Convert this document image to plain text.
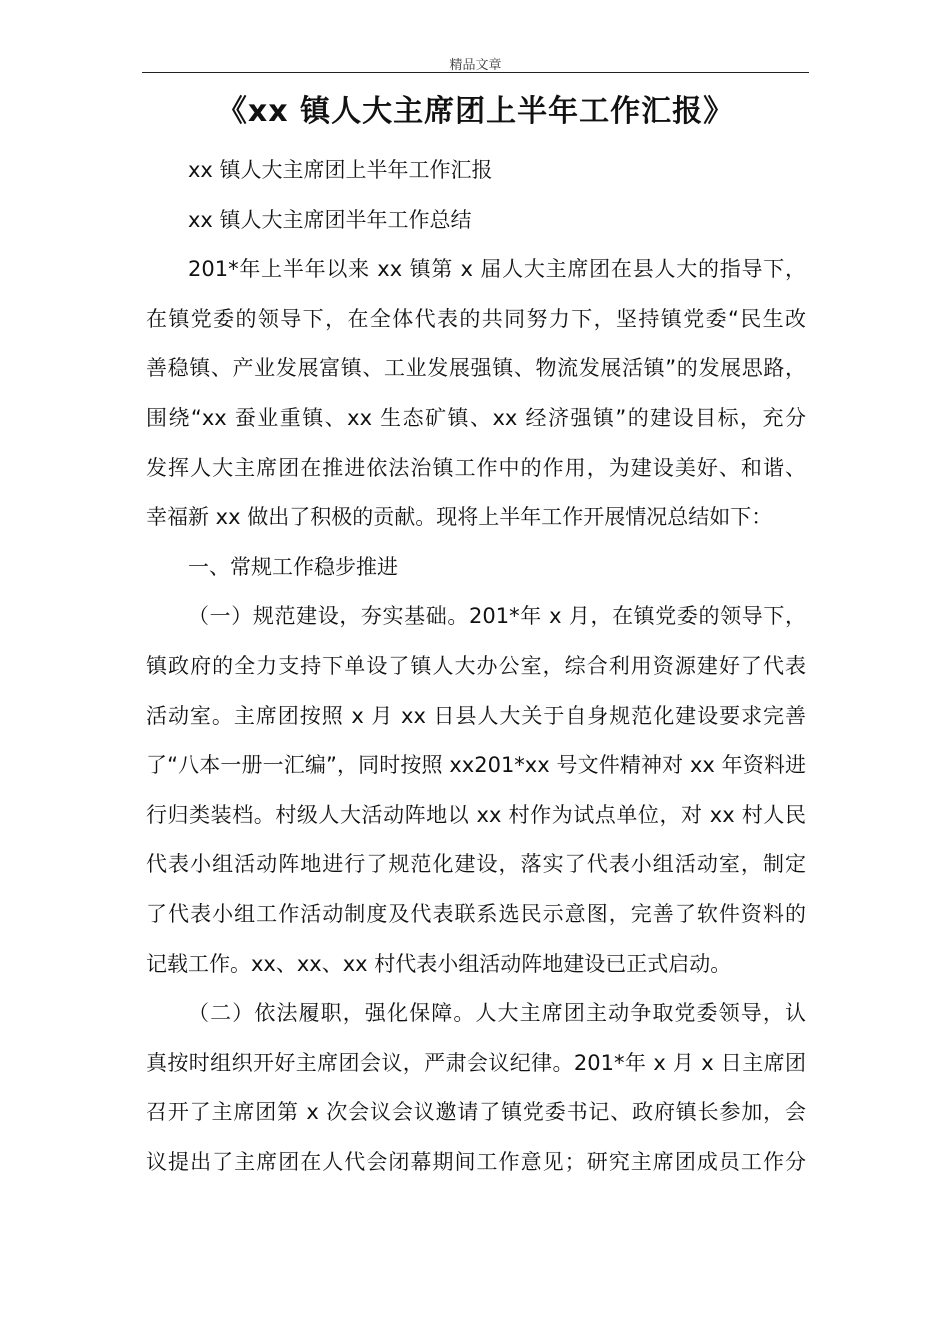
精品文章
《xx 镇人大主席团上半年工作汇报》
xx 镇人大主席团上半年工作汇报
xx 镇人大主席团半年工作总结
201*年上半年以来 xx 镇第 x 届人大主席团在县人大的指导下，
在镇党委的领导下，在全体代表的共同努力下，坚持镇党委“民生改
善稳镇、产业发展富镇、工业发展强镇、物流发展活镇”的发展思路，
围绕“xx 蚕业重镇、xx 生态矿镇、xx 经济强镇”的建设目标，充分
发挥人大主席团在推进依法治镇工作中的作用，为建设美好、和谐、
幸福新 xx 做出了积极的贡献。现将上半年工作开展情况总结如下：
一、常规工作稳步推进
（一）规范建设，夯实基础。201*年 x 月，在镇党委的领导下，
镇政府的全力支持下单设了镇人大办公室，综合利用资源建好了代表
活动室。主席团按照 x 月 xx 日县人大关于自身规范化建设要求完善
了“八本一册一汇编”，同时按照 xx201*xx 号文件精神对 xx 年资料进
行归类装档。村级人大活动阵地以 xx 村作为试点单位，对 xx 村人民
代表小组活动阵地进行了规范化建设，落实了代表小组活动室，制定
了代表小组工作活动制度及代表联系选民示意图，完善了软件资料的
记载工作。xx、xx、xx 村代表小组活动阵地建设已正式启动。
（二）依法履职，强化保障。人大主席团主动争取党委领导，认
真按时组织开好主席团会议，严肃会议纪律。201*年 x 月 x 日主席团
召开了主席团第 x 次会议会议邀请了镇党委书记、政府镇长参加，会
议提出了主席团在人代会闭幕期间工作意见；研究主席团成员工作分
